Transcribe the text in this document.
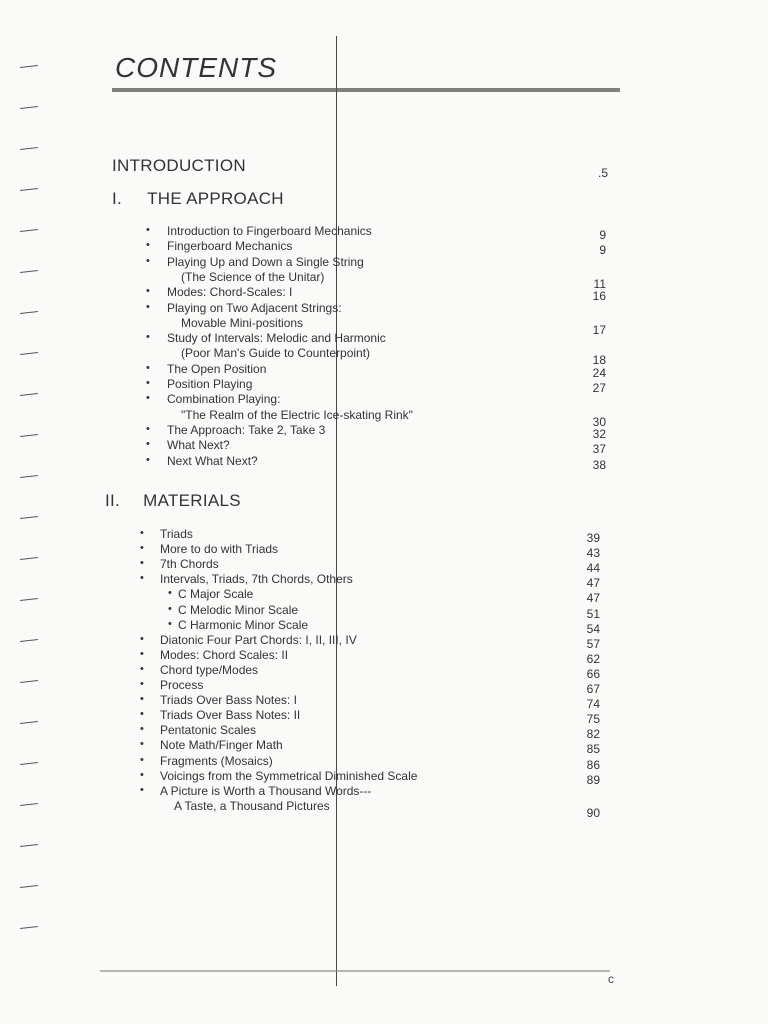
CONTENTS
INTRODUCTION	.5
I. THE APPROACH
• Introduction to Fingerboard Mechanics	9
• Fingerboard Mechanics	9
• Playing Up and Down a Single String
(The Science of the Unitar)	11
• Modes: Chord-Scales: I	16
• Playing on Two Adjacent Strings:
Movable Mini-positions	17
• Study of Intervals: Melodic and Harmonic
(Poor Man's Guide to Counterpoint)	18
• The Open Position	24
• Position Playing	27
• Combination Playing:
"The Realm of the Electric Ice-skating Rink"	30
• The Approach: Take 2, Take 3	32
• What Next?	37
• Next What Next?	38
II. MATERIALS
• Triads	39
• More to do with Triads	43
• 7th Chords	44
• Intervals, Triads, 7th Chords, Others	47
• C Major Scale	47
• C Melodic Minor Scale	51
• C Harmonic Minor Scale	54
• Diatonic Four Part Chords: I, II, III, IV	57
• Modes: Chord Scales: II	62
• Chord type/Modes	66
• Process	67
• Triads Over Bass Notes: I	74
• Triads Over Bass Notes: II	75
• Pentatonic Scales	82
• Note Math/Finger Math	85
• Fragments (Mosaics)	86
• Voicings from the Symmetrical Diminished Scale	89
• A Picture is Worth a Thousand Words---
A Taste, a Thousand Pictures	90
c
